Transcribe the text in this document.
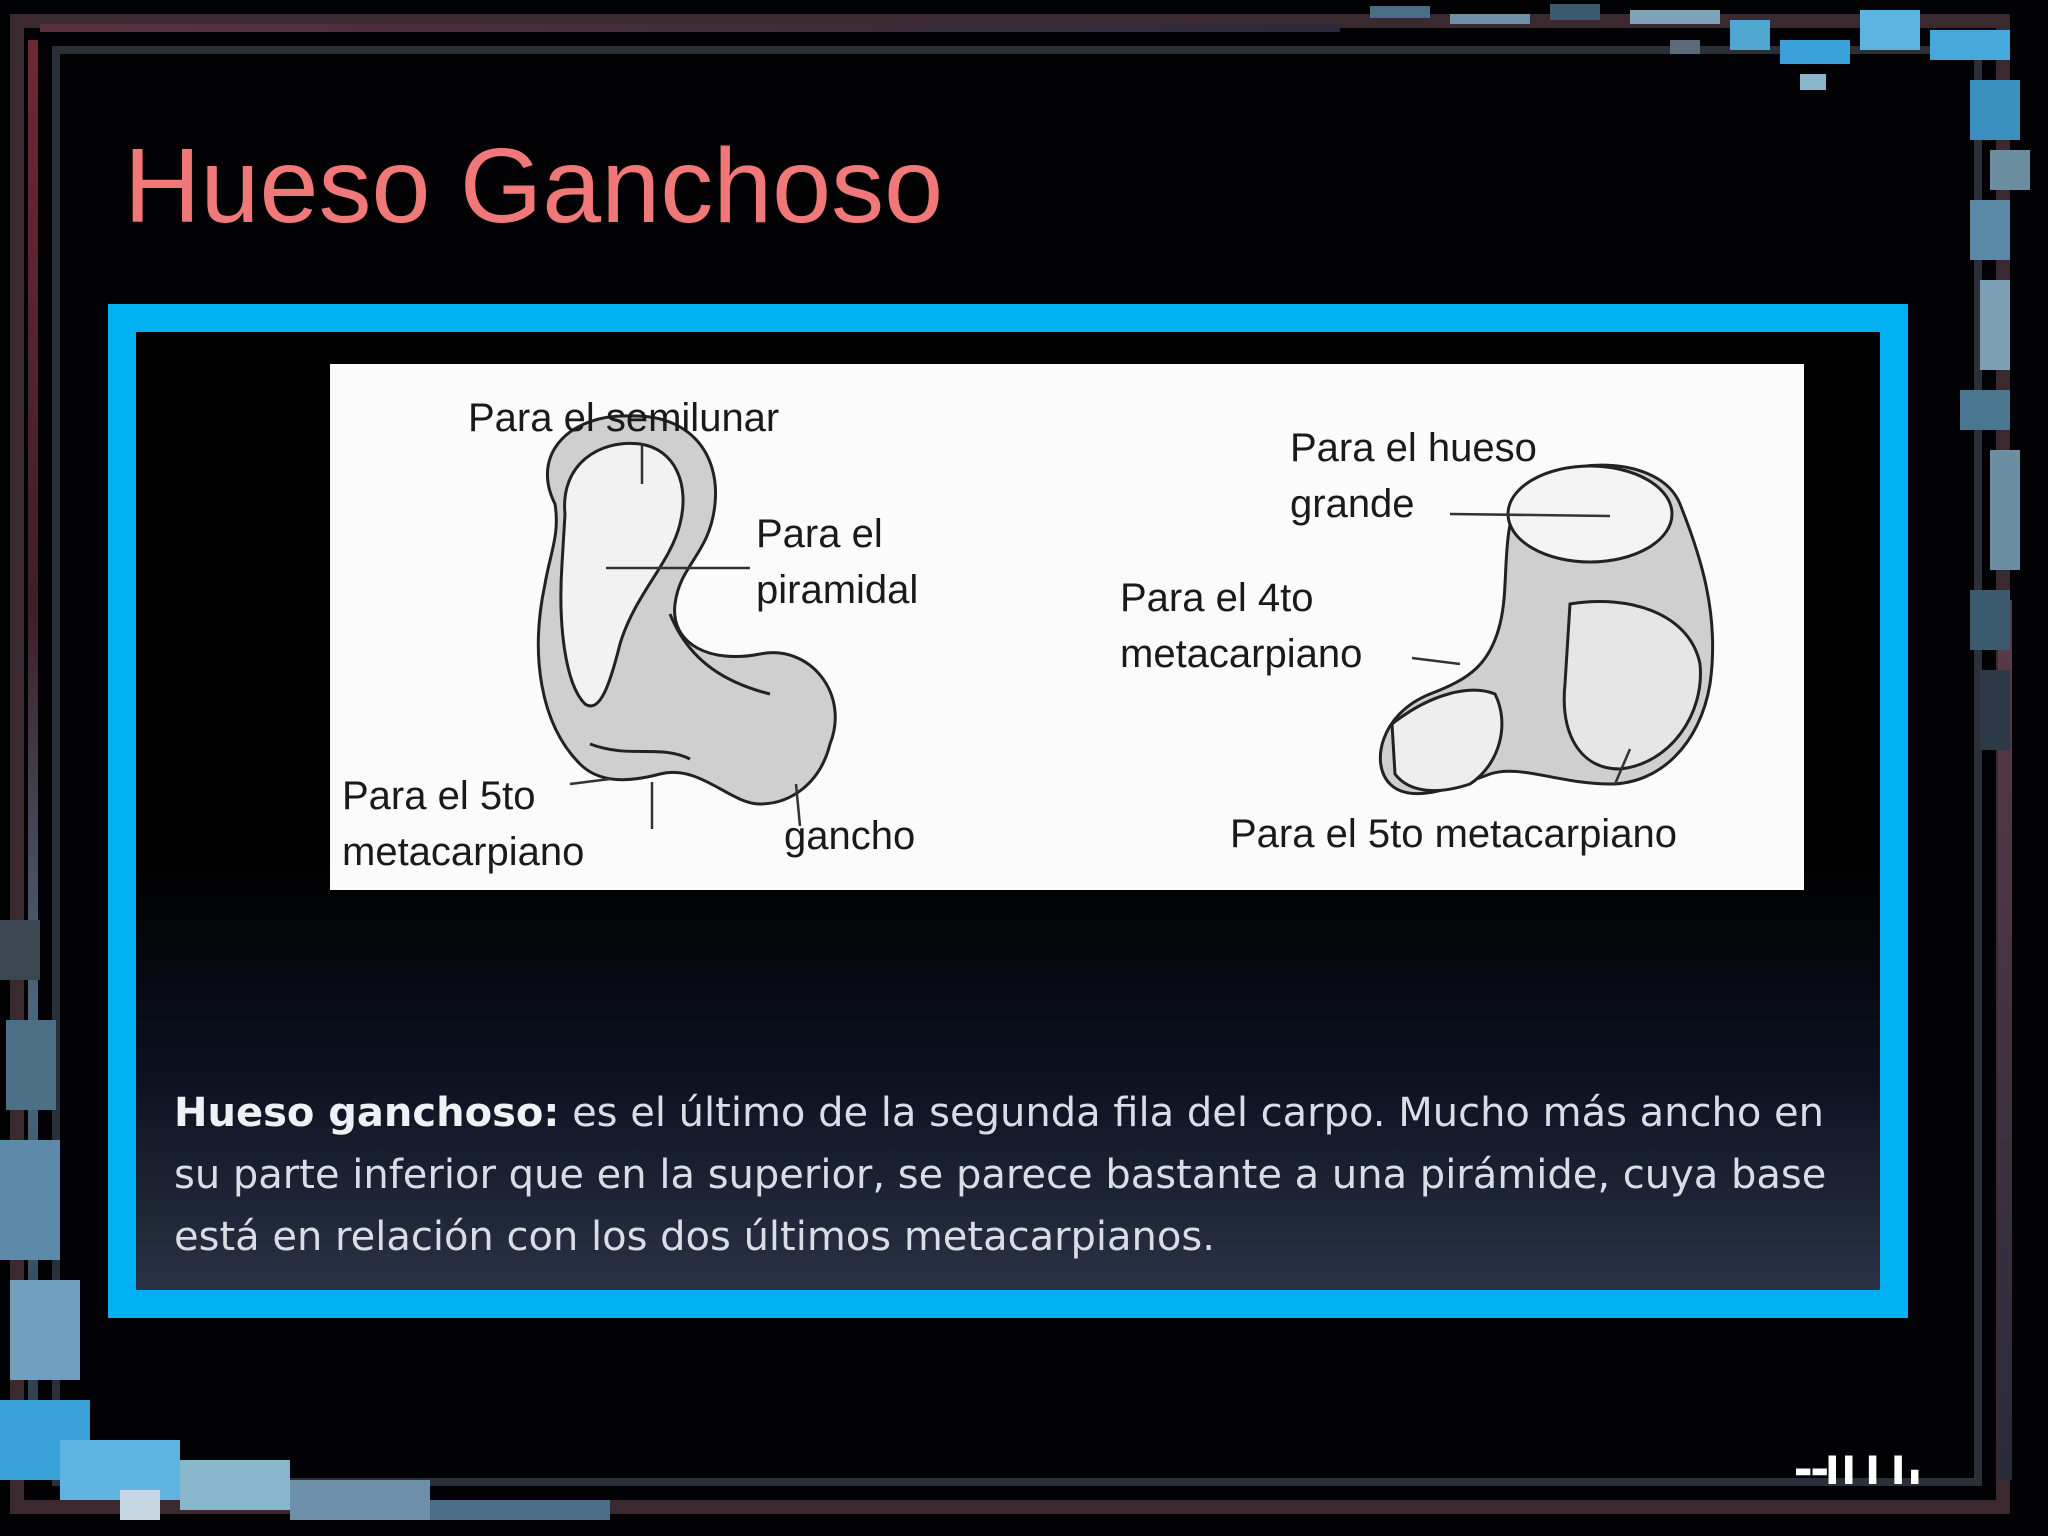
Hueso Ganchoso
Para el semilunar
Para el
piramidal
Para el 5to
metacarpiano	gancho
Para el hueso
grande
Para el 4to
metacarpiano
Para el 5to metacarpiano

Hueso ganchoso: es el último de la segunda fila del carpo. Mucho más ancho en su parte inferior que en la superior, se parece bastante a una pirámide, cuya base está en relación con los dos últimos metacarpianos.

▬▬▌▌▐ ▌▖
